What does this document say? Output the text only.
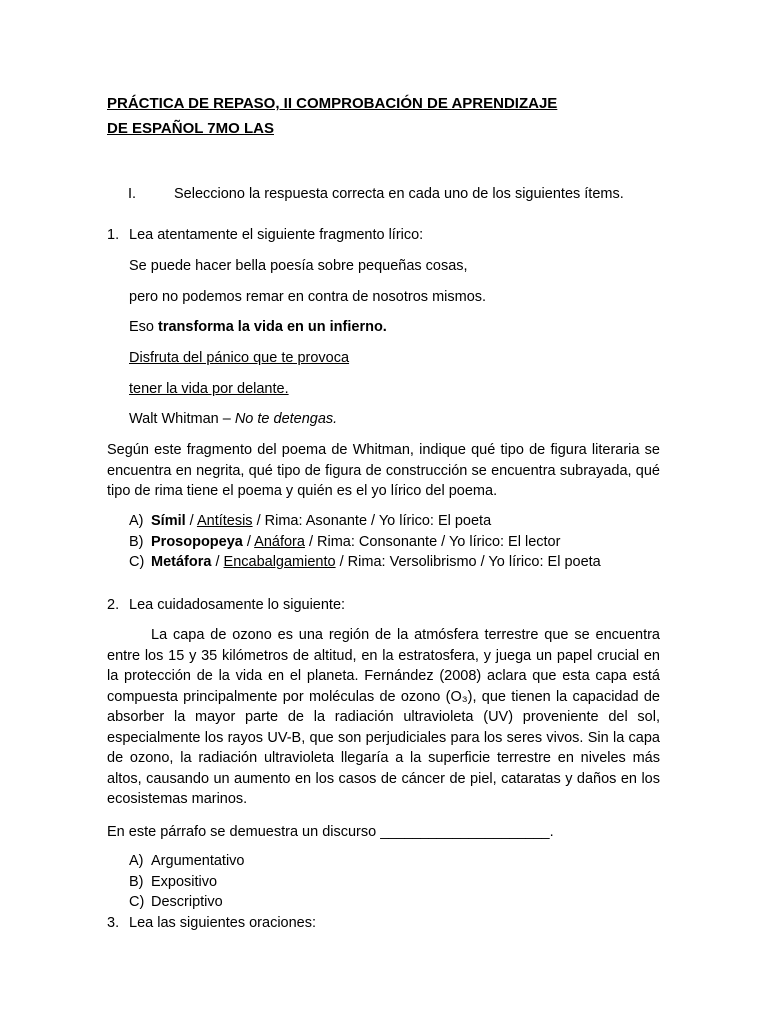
PRÁCTICA DE REPASO, II COMPROBACIÓN DE APRENDIZAJE
DE ESPAÑOL 7MO LAS
I.	Selecciono la respuesta correcta en cada uno de los siguientes ítems.
1. Lea atentamente el siguiente fragmento lírico:
Se puede hacer bella poesía sobre pequeñas cosas,
pero no podemos remar en contra de nosotros mismos.
Eso transforma la vida en un infierno.
Disfruta del pánico que te provoca
tener la vida por delante.
Walt Whitman – No te detengas.
Según este fragmento del poema de Whitman, indique qué tipo de figura literaria se encuentra en negrita, qué tipo de figura de construcción se encuentra subrayada, qué tipo de rima tiene el poema y quién es el yo lírico del poema.
A) Símil / Antítesis / Rima: Asonante / Yo lírico: El poeta
B) Prosopopeya / Anáfora / Rima: Consonante / Yo lírico: El lector
C) Metáfora / Encabalgamiento / Rima: Versolibrismo / Yo lírico: El poeta
2. Lea cuidadosamente lo siguiente:
La capa de ozono es una región de la atmósfera terrestre que se encuentra entre los 15 y 35 kilómetros de altitud, en la estratosfera, y juega un papel crucial en la protección de la vida en el planeta. Fernández (2008) aclara que esta capa está compuesta principalmente por moléculas de ozono (O₃), que tienen la capacidad de absorber la mayor parte de la radiación ultravioleta (UV) proveniente del sol, especialmente los rayos UV-B, que son perjudiciales para los seres vivos. Sin la capa de ozono, la radiación ultravioleta llegaría a la superficie terrestre en niveles más altos, causando un aumento en los casos de cáncer de piel, cataratas y daños en los ecosistemas marinos.
En este párrafo se demuestra un discurso _____________________.
A) Argumentativo
B) Expositivo
C) Descriptivo
3. Lea las siguientes oraciones:
